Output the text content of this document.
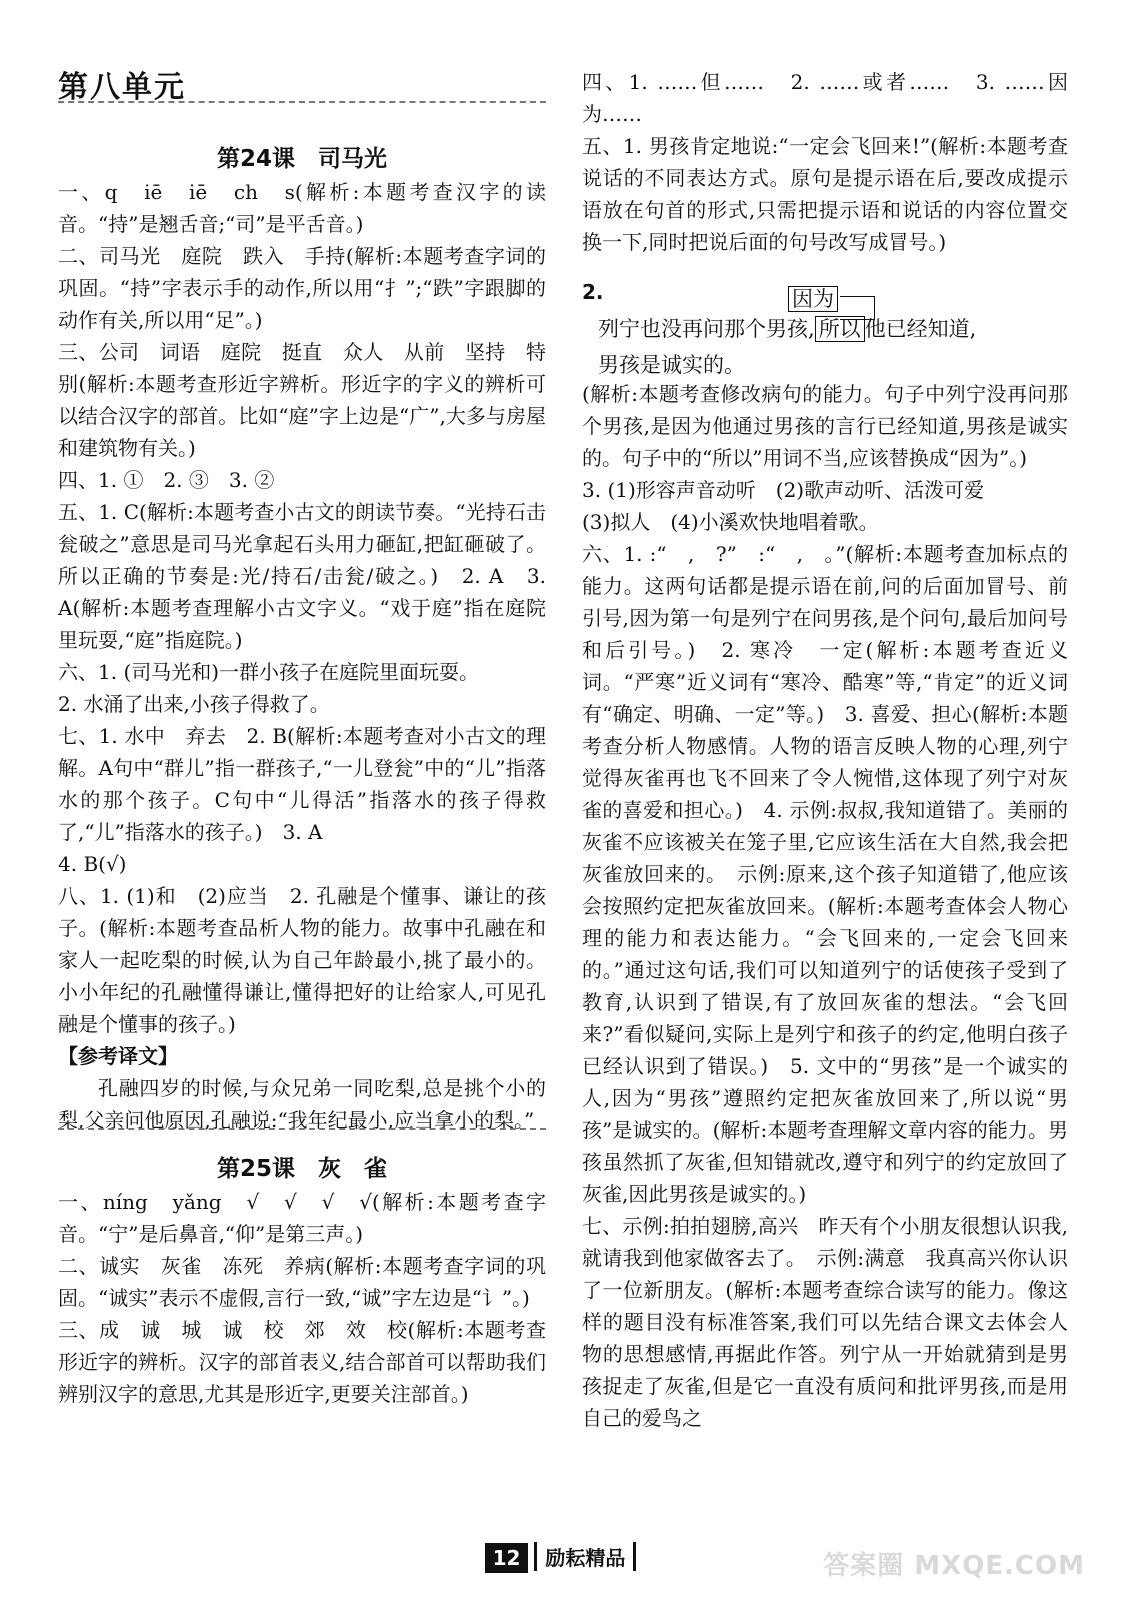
第八单元
第24课　司马光

一、q　iē　iē　ch　s(解析:本题考查汉字的读音。“持”是翘舌音;“司”是平舌音。)

二、司马光　庭院　跌入　手持(解析:本题考查字词的巩固。“持”字表示手的动作,所以用“扌”;“跌”字跟脚的动作有关,所以用“足”。)

三、公司　词语　庭院　挺直　众人　从前　坚持　特别(解析:本题考查形近字辨析。形近字的字义的辨析可以结合汉字的部首。比如“庭”字上边是“广”,大多与房屋和建筑物有关。)

四、1. ①　2. ③　3. ②

五、1. C(解析:本题考查小古文的朗读节奏。“光持石击瓮破之”意思是司马光拿起石头用力砸缸,把缸砸破了。所以正确的节奏是:光/持石/击瓮/破之。)　2. A　3. A(解析:本题考查理解小古文字义。“戏于庭”指在庭院里玩耍,“庭”指庭院。)

六、1. (司马光和)一群小孩子在庭院里面玩耍。

2. 水涌了出来,小孩子得救了。

七、1. 水中　弃去　2. B(解析:本题考查对小古文的理解。A句中“群儿”指一群孩子,“一儿登瓮”中的“儿”指落水的那个孩子。C句中“儿得活”指落水的孩子得救了,“儿”指落水的孩子。)　3. A

4. B(√)

八、1. (1)和　(2)应当　2. 孔融是个懂事、谦让的孩子。(解析:本题考查品析人物的能力。故事中孔融在和家人一起吃梨的时候,认为自己年龄最小,挑了最小的。小小年纪的孔融懂得谦让,懂得把好的让给家人,可见孔融是个懂事的孩子。)

【参考译文】

孔融四岁的时候,与众兄弟一同吃梨,总是挑个小的梨,父亲问他原因,孔融说:“我年纪最小,应当拿小的梨。”

第25课　灰　雀

一、níng　yǎng　√　√　√　√(解析:本题考查字音。“宁”是后鼻音,“仰”是第三声。)

二、诚实　灰雀　冻死　养病(解析:本题考查字词的巩固。“诚实”表示不虚假,言行一致,“诚”字左边是“讠”。)

三、成　诚　城　诚　校　郊　效　校(解析:本题考查形近字的辨析。汉字的部首表义,结合部首可以帮助我们辨别汉字的意思,尤其是形近字,更要关注部首。)

四、1. ……但……　2. ……或者……　3. ……因为……

五、1. 男孩肯定地说:“一定会飞回来!”(解析:本题考查说话的不同表达方式。原句是提示语在后,要改成提示语放在句首的形式,只需把提示语和说话的内容位置交换一下,同时把说后面的句号改写成冒号。)

2.	因为
列宁也没再问那个男孩, 所以 他已经知道,
男孩是诚实的。

(解析:本题考查修改病句的能力。句子中列宁没再问那个男孩,是因为他通过男孩的言行已经知道,男孩是诚实的。句子中的“所以”用词不当,应该替换成“因为”。)

3. (1)形容声音动听　(2)歌声动听、活泼可爱

(3)拟人　(4)小溪欢快地唱着歌。

六、1. :“　,　?”　:“　,　。”(解析:本题考查加标点的能力。这两句话都是提示语在前,问的后面加冒号、前引号,因为第一句是列宁在问男孩,是个问句,最后加问号和后引号。)　2. 寒冷　一定(解析:本题考查近义词。“严寒”近义词有“寒冷、酷寒”等,“肯定”的近义词有“确定、明确、一定”等。)　3. 喜爱、担心(解析:本题考查分析人物感情。人物的语言反映人物的心理,列宁觉得灰雀再也飞不回来了令人惋惜,这体现了列宁对灰雀的喜爱和担心。)　4. 示例:叔叔,我知道错了。美丽的灰雀不应该被关在笼子里,它应该生活在大自然,我会把灰雀放回来的。　示例:原来,这个孩子知道错了,他应该会按照约定把灰雀放回来。(解析:本题考查体会人物心理的能力和表达能力。“会飞回来的,一定会飞回来的。”通过这句话,我们可以知道列宁的话使孩子受到了教育,认识到了错误,有了放回灰雀的想法。“会飞回来?”看似疑问,实际上是列宁和孩子的约定,他明白孩子已经认识到了错误。)　5. 文中的“男孩”是一个诚实的人,因为“男孩”遵照约定把灰雀放回来了,所以说“男孩”是诚实的。(解析:本题考查理解文章内容的能力。男孩虽然抓了灰雀,但知错就改,遵守和列宁的约定放回了灰雀,因此男孩是诚实的。)

七、示例:拍拍翅膀,高兴　昨天有个小朋友很想认识我,就请我到他家做客去了。　示例:满意　我真高兴你认识了一位新朋友。(解析:本题考查综合读写的能力。像这样的题目没有标准答案,我们可以先结合课文去体会人物的思想感情,再据此作答。列宁从一开始就猜到是男孩捉走了灰雀,但是它一直没有质问和批评男孩,而是用自己的爱鸟之

12 励耘精品	答案圈 MXQE.COM
